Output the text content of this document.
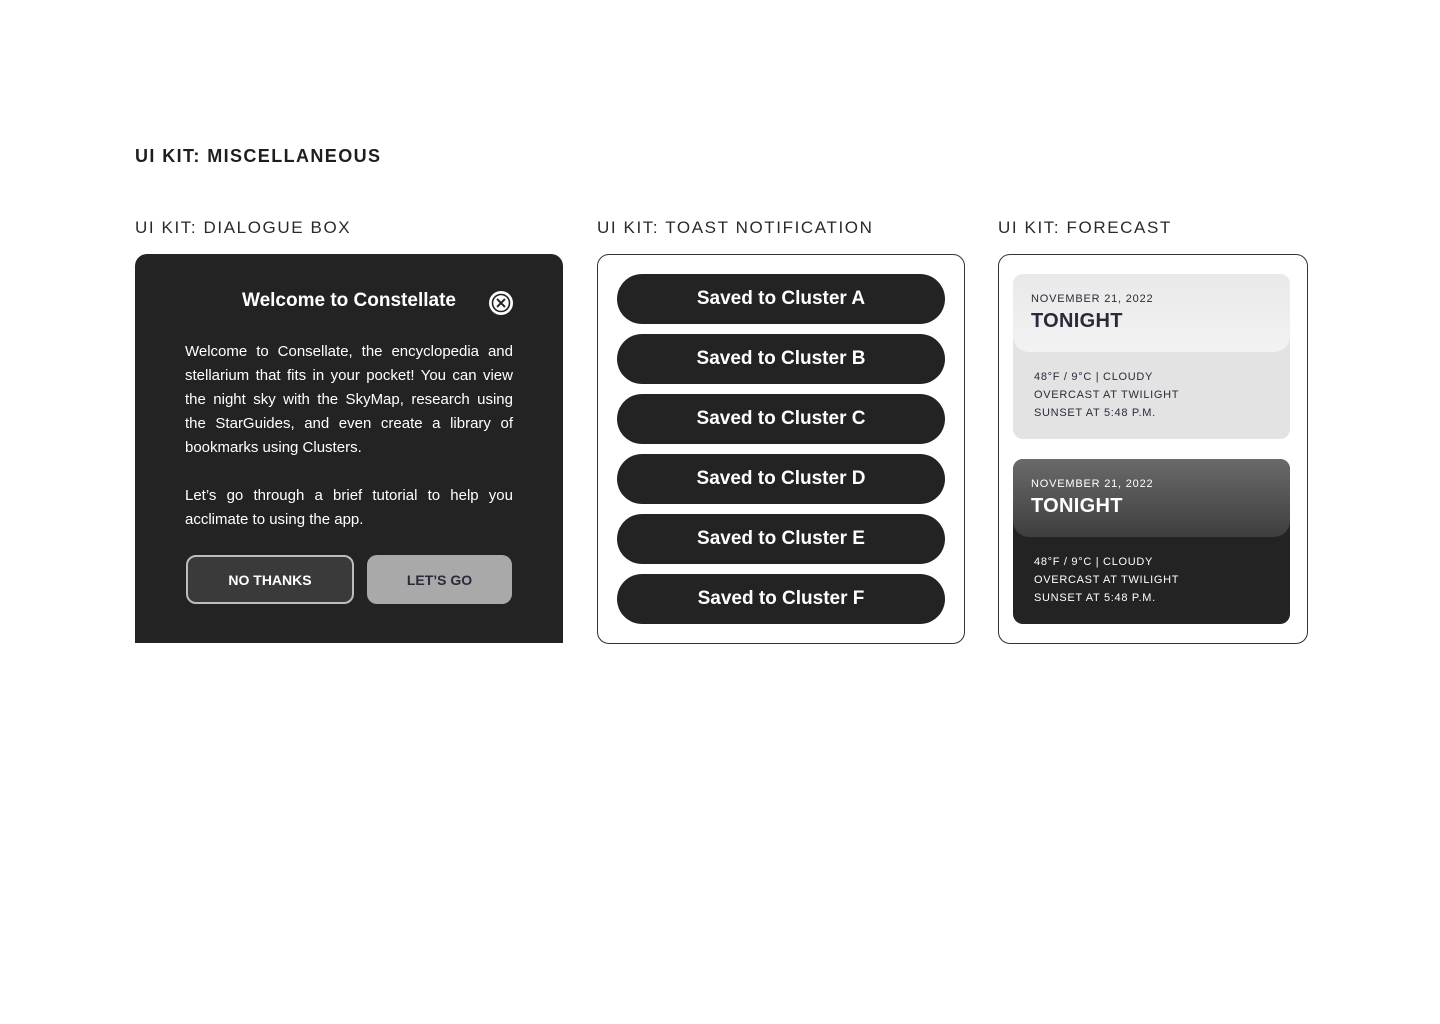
UI KIT: MISCELLANEOUS
UI KIT: DIALOGUE BOX	UI KIT: TOAST NOTIFICATION	UI KIT: FORECAST
Welcome to Constellate

Welcome to Consellate, the encyclopedia and stellarium that fits in your pocket! You can view the night sky with the SkyMap, research using the StarGuides, and even create a library of bookmarks using Clusters.

Let’s go through a brief tutorial to help you acclimate to using the app.

NO THANKS	LET’S GO
Saved to Cluster A
Saved to Cluster B
Saved to Cluster C
Saved to Cluster D
Saved to Cluster E
Saved to Cluster F
NOVEMBER 21, 2022
TONIGHT
48°F / 9°C | CLOUDY
OVERCAST AT TWILIGHT
SUNSET AT 5:48 P.M.
NOVEMBER 21, 2022
TONIGHT
48°F / 9°C | CLOUDY
OVERCAST AT TWILIGHT
SUNSET AT 5:48 P.M.
